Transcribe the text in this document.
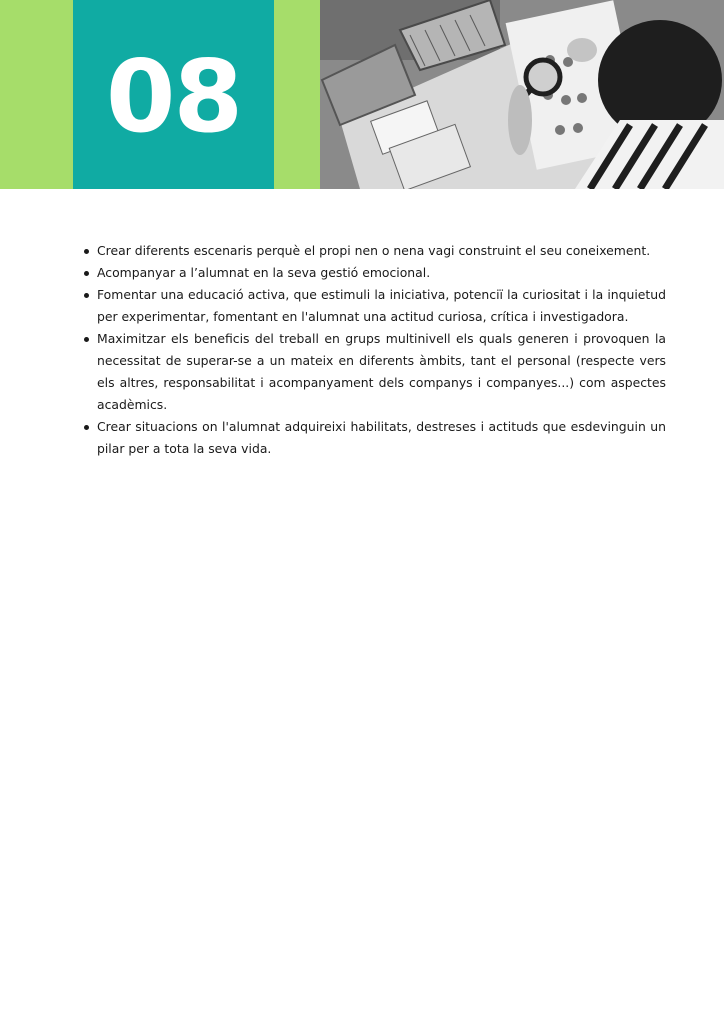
08
Crear diferents escenaris perquè el propi nen o nena vagi construint el seu coneixement.
Acompanyar a l’alumnat en la seva gestió emocional.
Fomentar una educació activa, que estimuli la iniciativa, potenciï la curiositat i la inquietud per experimentar, fomentant en l'alumnat una actitud curiosa, crítica i investigadora.
Maximitzar els beneficis del treball en grups multinivell els quals generen i provoquen la necessitat de superar-se a un mateix en diferents àmbits, tant el personal (respecte vers els altres, responsabilitat i acompanyament dels companys i companyes...) com aspectes acadèmics.
Crear situacions on l'alumnat adquireixi habilitats, destreses i actituds que esdevinguin un pilar per a tota la seva vida.
